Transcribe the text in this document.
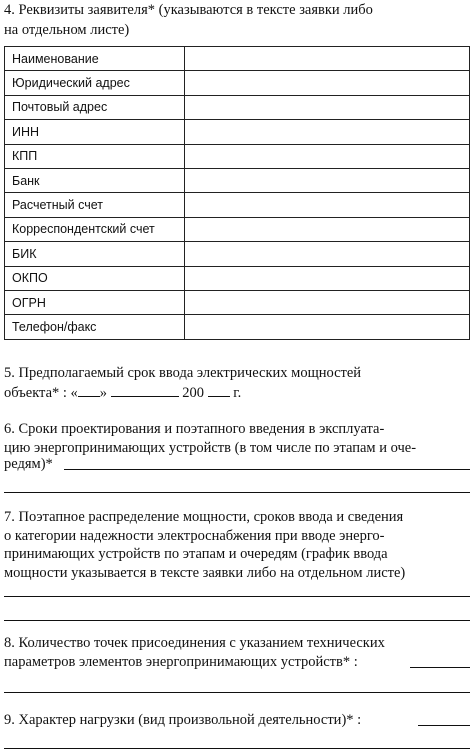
4. Реквизиты заявителя* (указываются в тексте заявки либо
на отдельном листе)
Наименование	
Юридический адрес	
Почтовый адрес	
ИНН	
КПП	
Банк	
Расчетный счет	
Корреспондентский счет	
БИК	
ОКПО	
ОГРН	
Телефон/факс	
5. Предполагаемый срок ввода электрических мощностей
объекта* : « »	200 г.
6. Сроки проектирования и поэтапного введения в эксплуата-
цию энергопринимающих устройств (в том числе по этапам и оче-
редям)*
7. Поэтапное распределение мощности, сроков ввода и сведения
о категории надежности электроснабжения при вводе энерго-
принимающих устройств по этапам и очередям (график ввода
мощности указывается в тексте заявки либо на отдельном листе)
8. Количество точек присоединения с указанием технических
параметров элементов энергопринимающих устройств* :
9. Характер нагрузки (вид произвольной деятельности)* :
